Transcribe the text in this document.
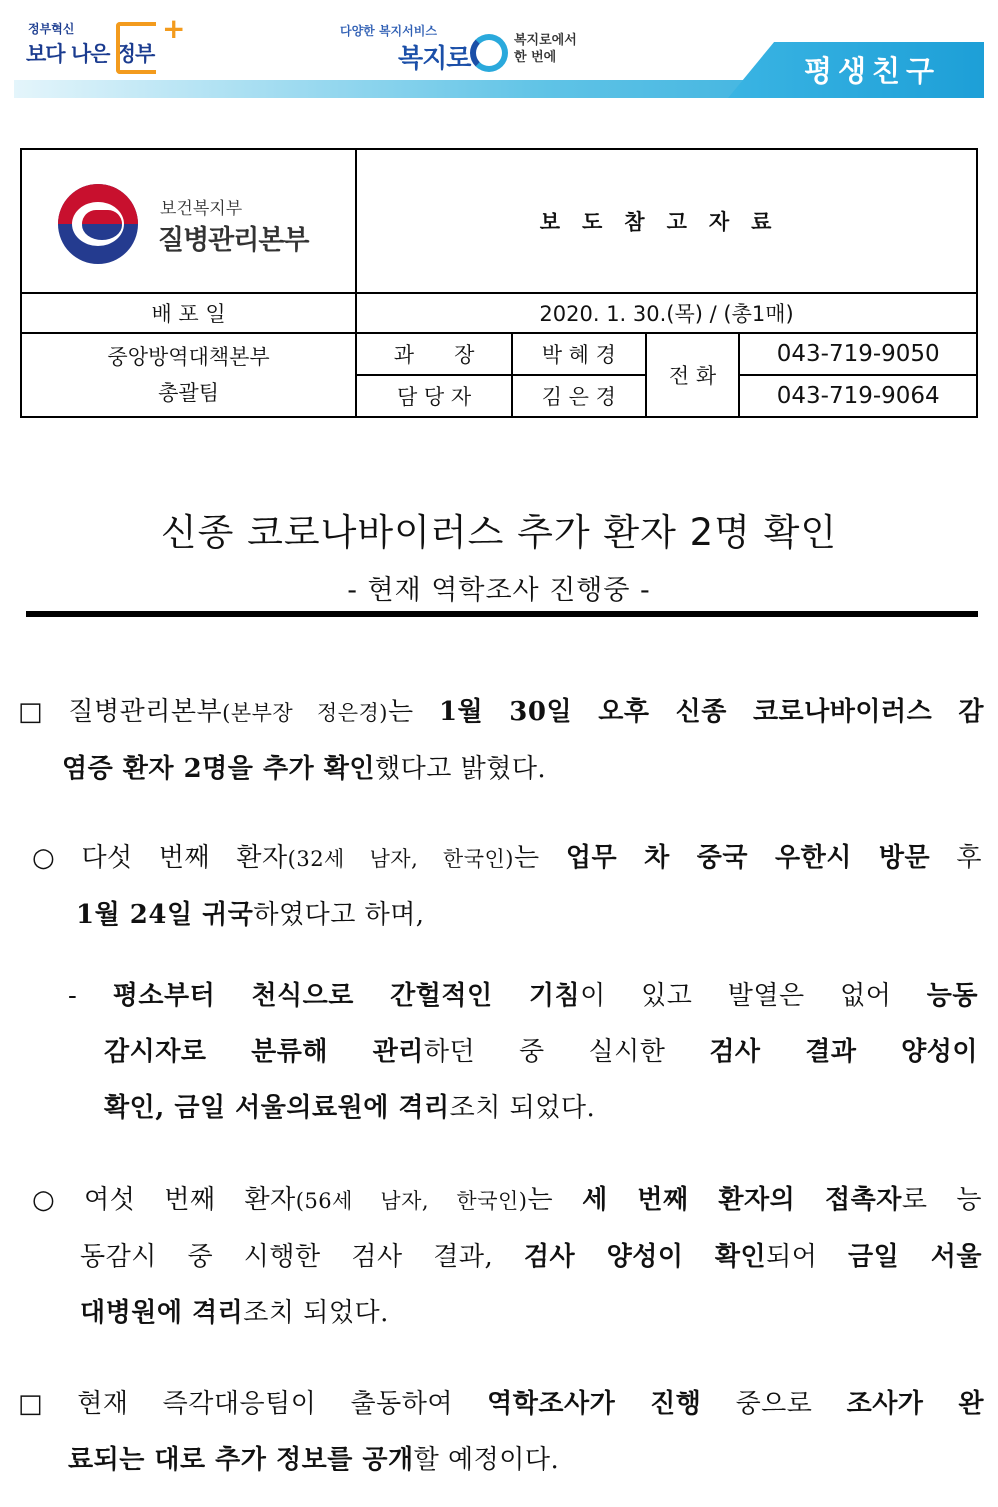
평생친구
정부혁신
보다 나은 정부
+	다양한 복지서비스
복지로
복지로에서
한 번에
보건복지부
질병관리본부	보도참고자료			
배 포 일	2020. 1. 30.(목) / (총1매)			
중앙방역대책본부
총괄팀	과      장	박 혜 경	전 화	043-719-9050
	담 당 자	김 은 경		043-719-9064
신종 코로나바이러스 추가 환자 2명 확인
- 현재 역학조사 진행중 -
□ 질병관리본부(본부장 정은경)는 1월 30일 오후 신종 코로나바이러스 감
염증 환자 2명을 추가 확인했다고 밝혔다.
○ 다섯 번째 환자(32세 남자, 한국인)는 업무 차 중국 우한시 방문 후
1월 24일 귀국하였다고 하며,
- 평소부터 천식으로 간헐적인 기침이 있고 발열은 없어 능동
감시자로 분류해 관리하던 중 실시한 검사 결과 양성이
확인, 금일 서울의료원에 격리조치 되었다.
○ 여섯 번째 환자(56세 남자, 한국인)는 세 번째 환자의 접촉자로 능
동감시 중 시행한 검사 결과, 검사 양성이 확인되어 금일 서울
대병원에 격리조치 되었다.
□ 현재 즉각대응팀이 출동하여 역학조사가 진행 중으로 조사가 완
료되는 대로 추가 정보를 공개할 예정이다.
